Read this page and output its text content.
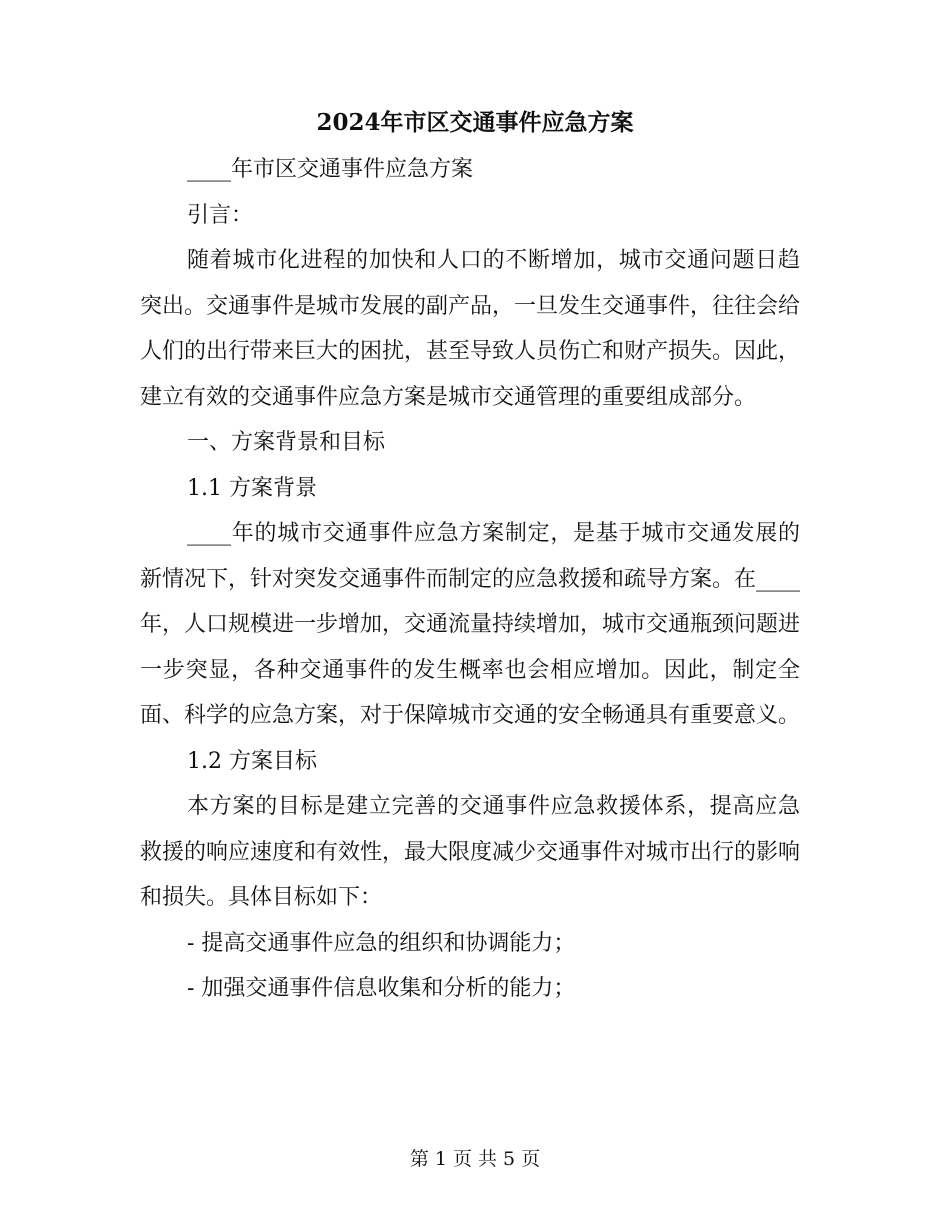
2024年市区交通事件应急方案

____年市区交通事件应急方案

引言：

随着城市化进程的加快和人口的不断增加，城市交通问题日趋突出。交通事件是城市发展的副产品，一旦发生交通事件，往往会给人们的出行带来巨大的困扰，甚至导致人员伤亡和财产损失。因此，建立有效的交通事件应急方案是城市交通管理的重要组成部分。

一、方案背景和目标

1.1 方案背景

____年的城市交通事件应急方案制定，是基于城市交通发展的新情况下，针对突发交通事件而制定的应急救援和疏导方案。在____年，人口规模进一步增加，交通流量持续增加，城市交通瓶颈问题进一步突显，各种交通事件的发生概率也会相应增加。因此，制定全面、科学的应急方案，对于保障城市交通的安全畅通具有重要意义。

1.2 方案目标

本方案的目标是建立完善的交通事件应急救援体系，提高应急救援的响应速度和有效性，最大限度减少交通事件对城市出行的影响和损失。具体目标如下：

- 提高交通事件应急的组织和协调能力；

- 加强交通事件信息收集和分析的能力；

第 1 页 共 5 页
